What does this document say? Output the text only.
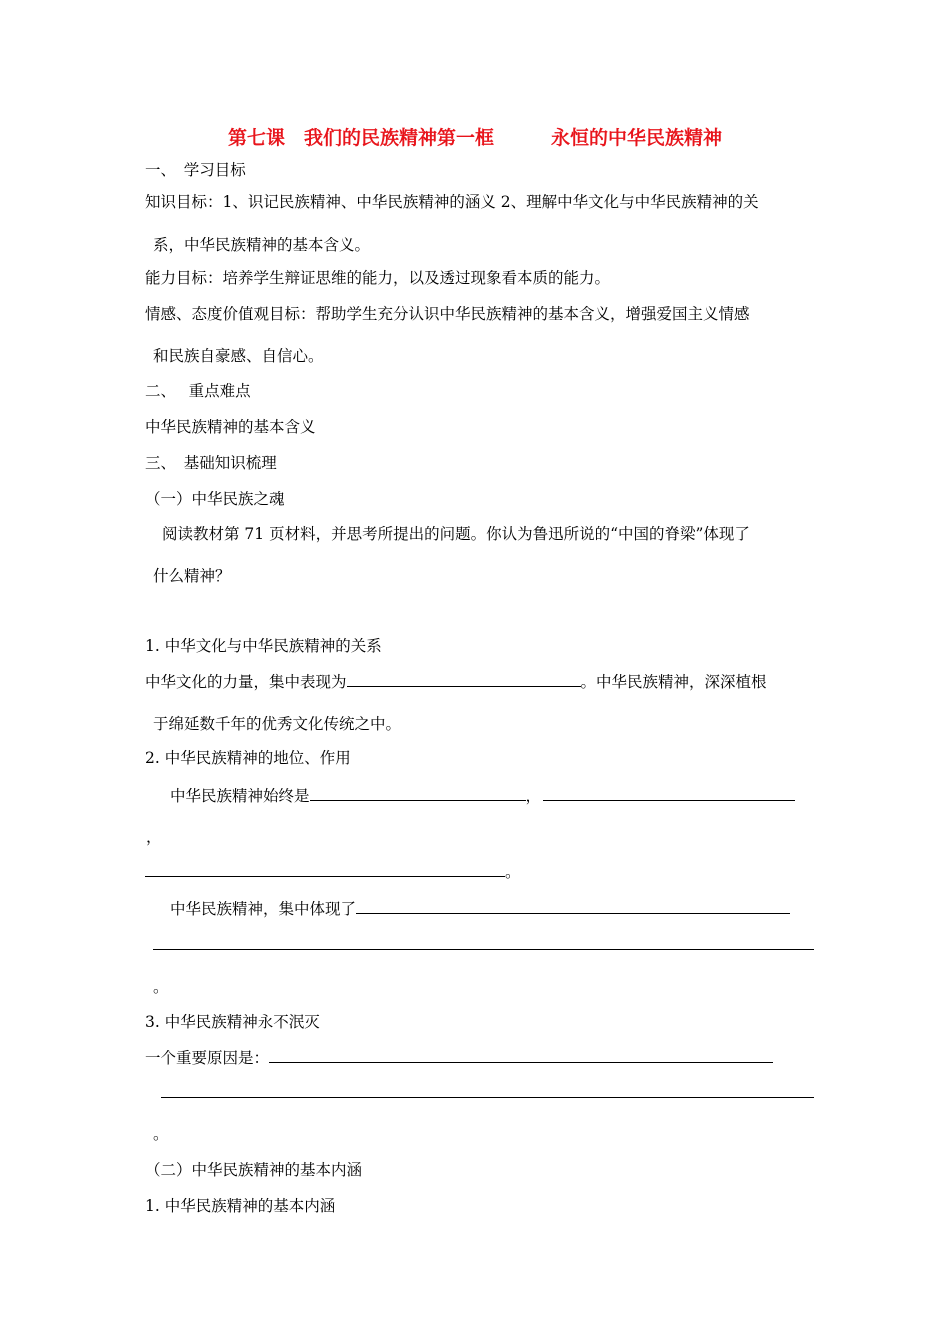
第七课　我们的民族精神第一框　　　永恒的中华民族精神
一、　学习目标
知识目标：1、识记民族精神、中华民族精神的涵义 2、理解中华文化与中华民族精神的关
系，中华民族精神的基本含义。
能力目标：培养学生辩证思维的能力，以及透过现象看本质的能力。
情感、态度价值观目标：帮助学生充分认识中华民族精神的基本含义，增强爱国主义情感
和民族自豪感、自信心。
二、　 重点难点
中华民族精神的基本含义
三、　基础知识梳理
（一）中华民族之魂
阅读教材第 71 页材料，并思考所提出的问题。你认为鲁迅所说的“中国的脊梁”体现了
什么精神？
1. 中华文化与中华民族精神的关系
中华文化的力量，集中表现为	。中华民族精神，深深植根
于绵延数千年的优秀文化传统之中。
2. 中华民族精神的地位、作用
中华民族精神始终是	，
，
。
中华民族精神，集中体现了
。
3. 中华民族精神永不泯灭
一个重要原因是：
。
（二）中华民族精神的基本内涵
1. 中华民族精神的基本内涵
